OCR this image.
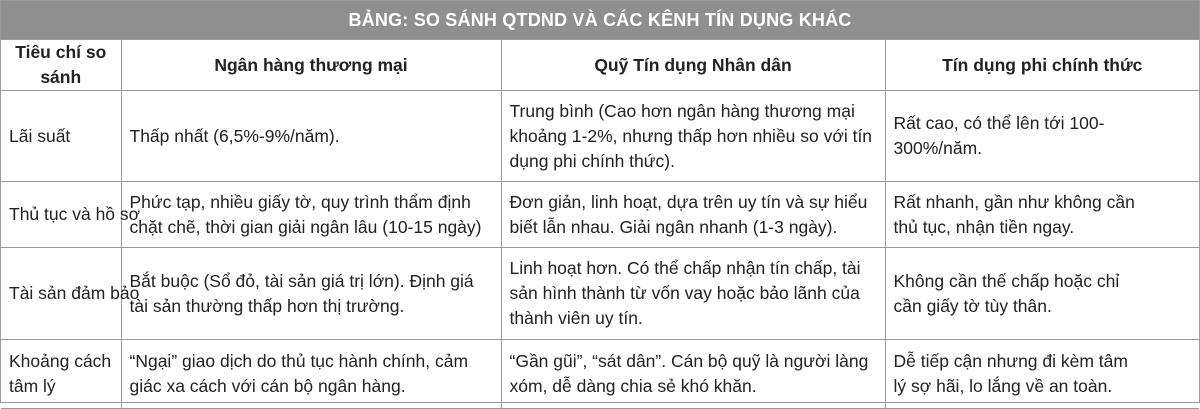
BẢNG: SO SÁNH QTDND VÀ CÁC KÊNH TÍN DỤNG KHÁC
Tiêu chí so sánh	Ngân hàng thương mại	Quỹ Tín dụng Nhân dân	Tín dụng phi chính thức

Lãi suất	Thấp nhất (6,5%-9%/năm).	Trung bình (Cao hơn ngân hàng thương mại
khoảng 1-2%, nhưng thấp hơn nhiều so với tín
dụng phi chính thức).	Rất cao, có thể lên tới 100-
300%/năm.

Thủ tục và hồ sơ	Phức tạp, nhiều giấy tờ, quy trình thẩm định
chặt chẽ, thời gian giải ngân lâu (10-15 ngày)	Đơn giản, linh hoạt, dựa trên uy tín và sự hiểu
biết lẫn nhau. Giải ngân nhanh (1-3 ngày).	Rất nhanh, gần như không cần
thủ tục, nhận tiền ngay.

Tài sản đảm bảo	Bắt buộc (Sổ đỏ, tài sản giá trị lớn). Định giá
tài sản thường thấp hơn thị trường.	Linh hoạt hơn. Có thể chấp nhận tín chấp, tài
sản hình thành từ vốn vay hoặc bảo lãnh của
thành viên uy tín.	Không cần thế chấp hoặc chỉ
cần giấy tờ tùy thân.

Khoảng cách
tâm lý	“Ngại” giao dịch do thủ tục hành chính, cảm
giác xa cách với cán bộ ngân hàng.	“Gần gũi”, “sát dân”. Cán bộ quỹ là người làng
xóm, dễ dàng chia sẻ khó khăn.	Dễ tiếp cận nhưng đi kèm tâm
lý sợ hãi, lo lắng về an toàn.
